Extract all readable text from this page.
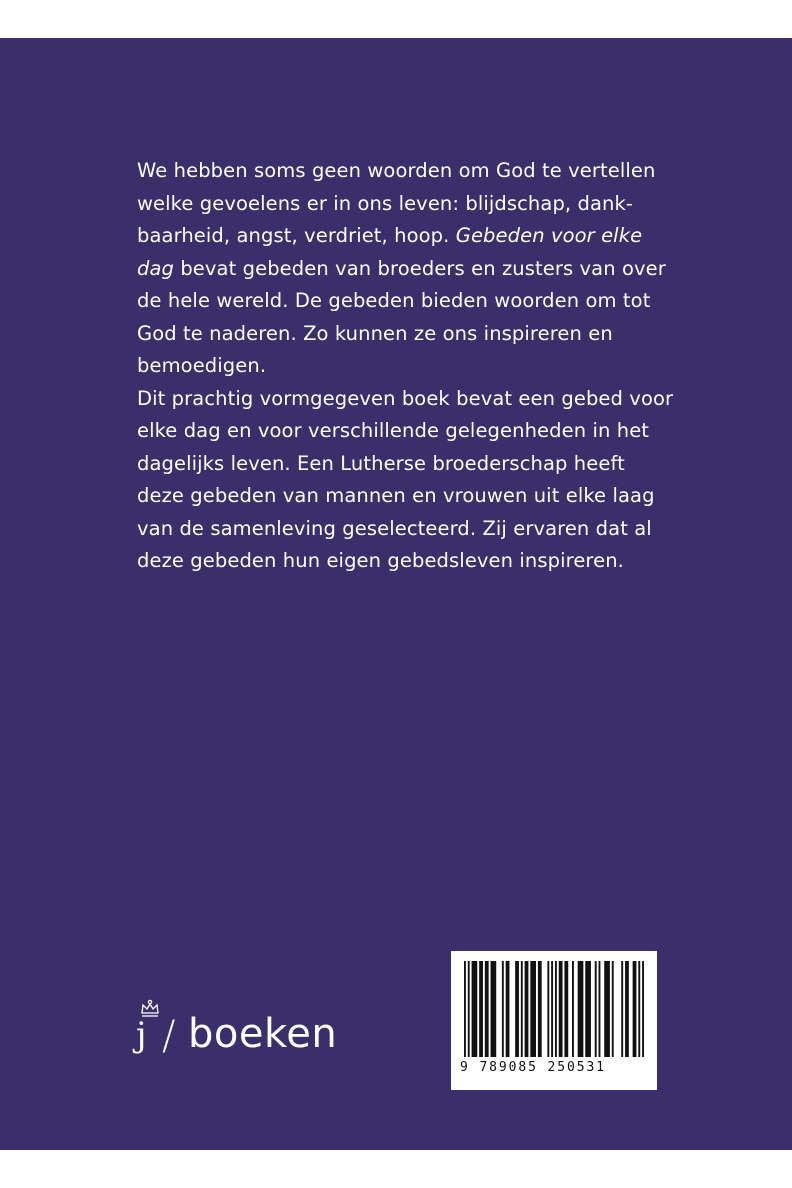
We hebben soms geen woorden om God te vertellen
welke gevoelens er in ons leven: blijdschap, dank-
baarheid, angst, verdriet, hoop. Gebeden voor elke
dag bevat gebeden van broeders en zusters van over
de hele wereld. De gebeden bieden woorden om tot
God te naderen. Zo kunnen ze ons inspireren en
bemoedigen.
Dit prachtig vormgegeven boek bevat een gebed voor
elke dag en voor verschillende gelegenheden in het
dagelijks leven. Een Lutherse broederschap heeft
deze gebeden van mannen en vrouwen uit elke laag
van de samenleving geselecteerd. Zij ervaren dat al
deze gebeden hun eigen gebedsleven inspireren.
j / boeken
9 789085 250531
